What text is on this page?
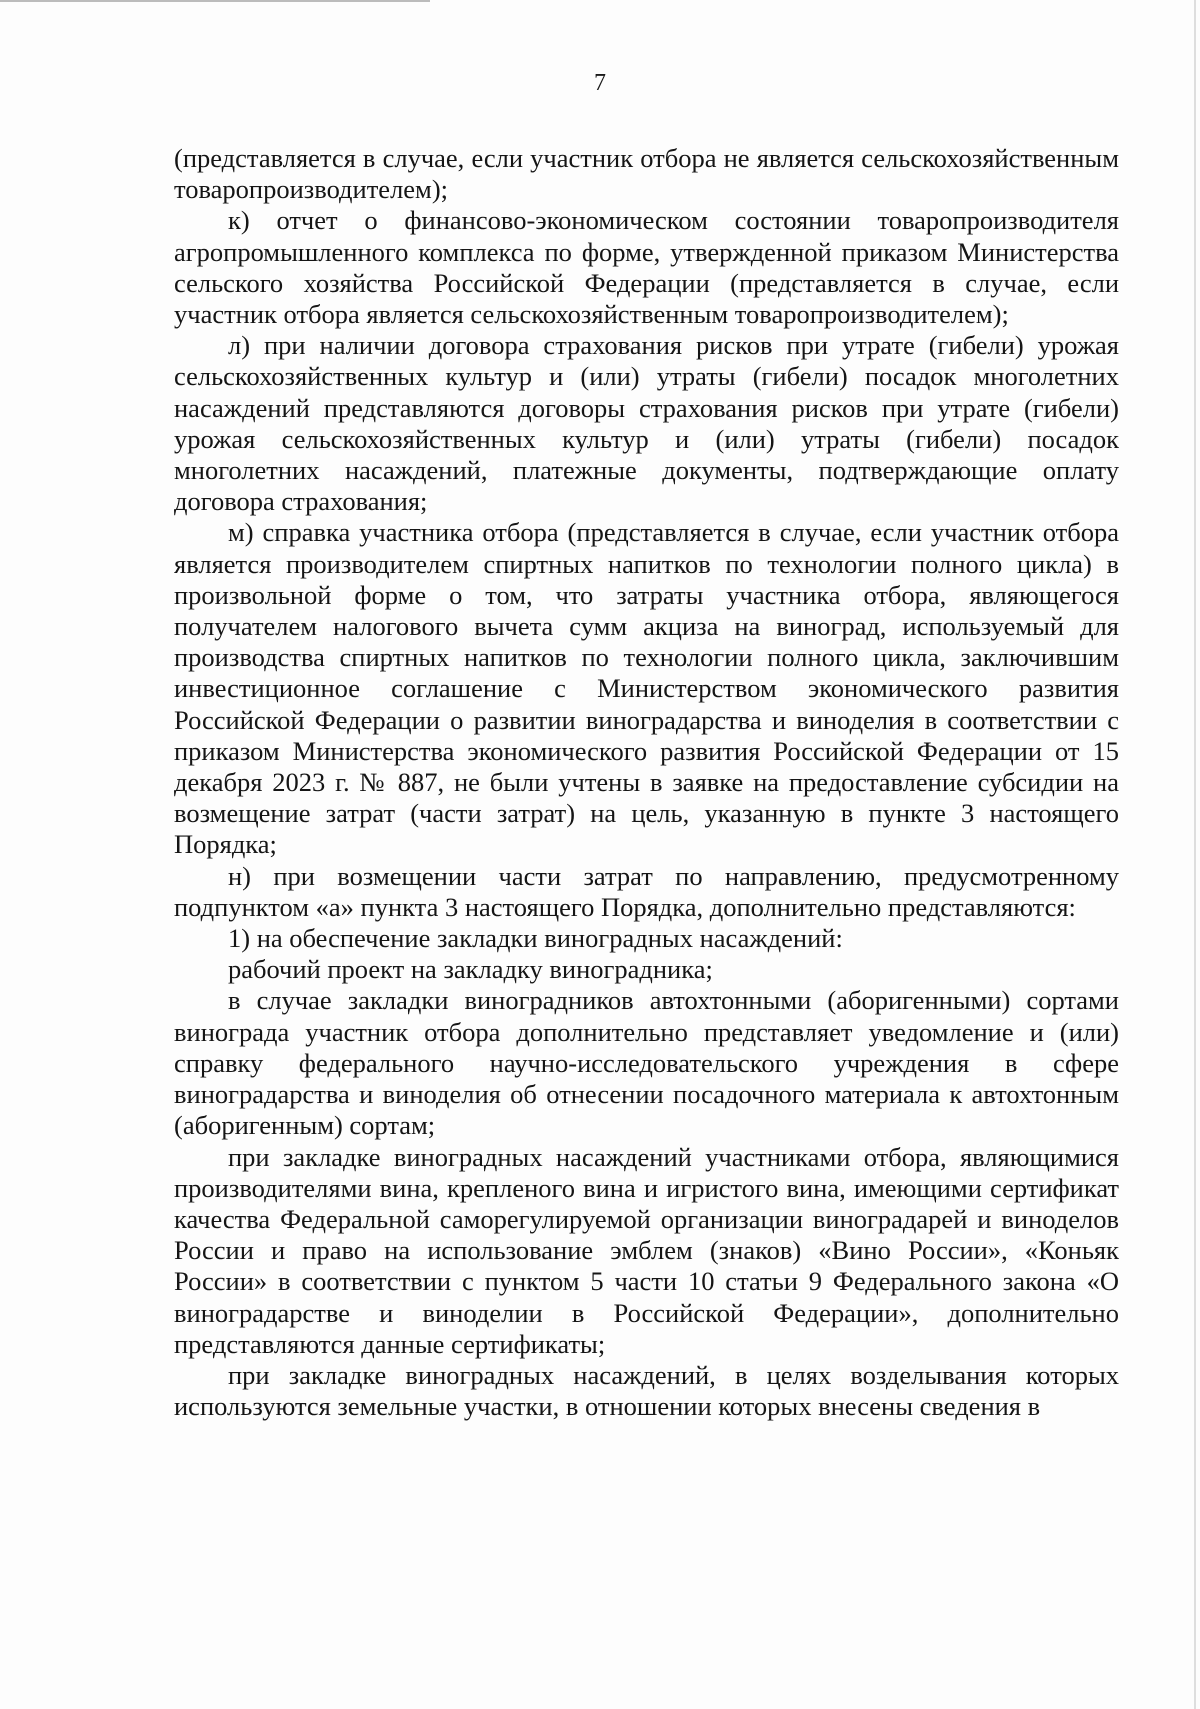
7

(представляется в случае, если участник отбора не является сельскохозяйственным товаропроизводителем);

к) отчет о финансово-экономическом состоянии товаропроизводителя агропромышленного комплекса по форме, утвержденной приказом Министерства сельского хозяйства Российской Федерации (представляется в случае, если участник отбора является сельскохозяйственным товаропроизводителем);

л) при наличии договора страхования рисков при утрате (гибели) урожая сельскохозяйственных культур и (или) утраты (гибели) посадок многолетних насаждений представляются договоры страхования рисков при утрате (гибели) урожая сельскохозяйственных культур и (или) утраты (гибели) посадок многолетних насаждений, платежные документы, подтверждающие оплату договора страхования;

м) справка участника отбора (представляется в случае, если участник отбора является производителем спиртных напитков по технологии полного цикла) в произвольной форме о том, что затраты участника отбора, являющегося получателем налогового вычета сумм акциза на виноград, используемый для производства спиртных напитков по технологии полного цикла, заключившим инвестиционное соглашение с Министерством экономического развития Российской Федерации о развитии виноградарства и виноделия в соответствии с приказом Министерства экономического развития Российской Федерации от 15 декабря 2023 г. № 887, не были учтены в заявке на предоставление субсидии на возмещение затрат (части затрат) на цель, указанную в пункте 3 настоящего Порядка;

н) при возмещении части затрат по направлению, предусмотренному подпунктом «а» пункта 3 настоящего Порядка, дополнительно представляются:

1) на обеспечение закладки виноградных насаждений:

рабочий проект на закладку виноградника;

в случае закладки виноградников автохтонными (аборигенными) сортами винограда участник отбора дополнительно представляет уведомление и (или) справку федерального научно-исследовательского учреждения в сфере виноградарства и виноделия об отнесении посадочного материала к автохтонным (аборигенным) сортам;

при закладке виноградных насаждений участниками отбора, являющимися производителями вина, крепленого вина и игристого вина, имеющими сертификат качества Федеральной саморегулируемой организации виноградарей и виноделов России и право на использование эмблем (знаков) «Вино России», «Коньяк России» в соответствии с пунктом 5 части 10 статьи 9 Федерального закона «О виноградарстве и виноделии в Российской Федерации», дополнительно представляются данные сертификаты;

при закладке виноградных насаждений, в целях возделывания которых используются земельные участки, в отношении которых внесены сведения в
